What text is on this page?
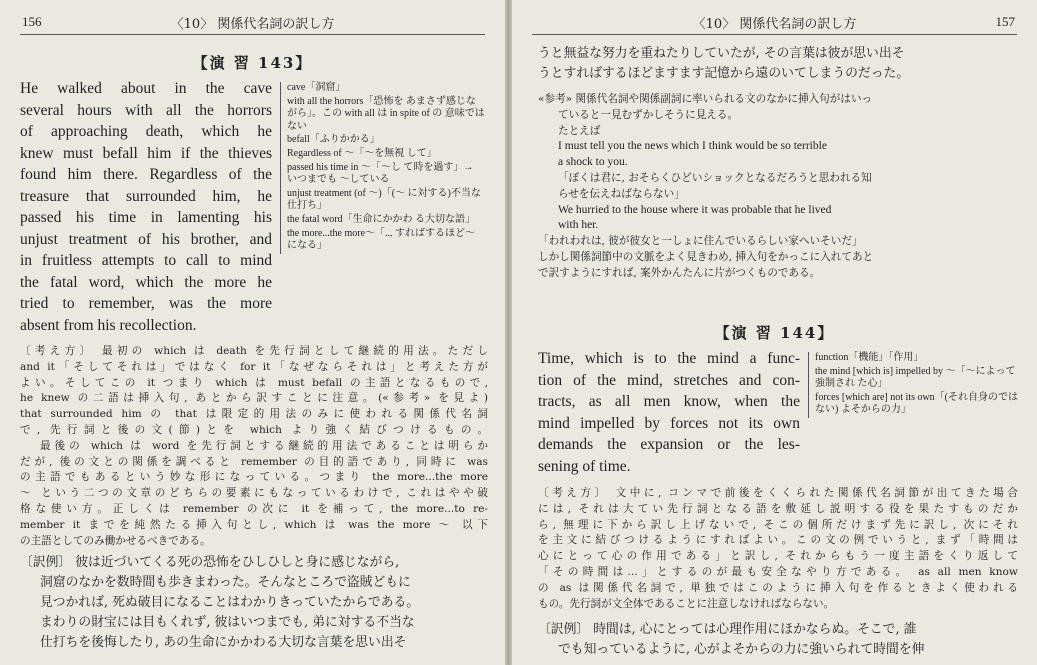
156	〈10〉 関係代名詞の訳し方
【演 習 143】
He walked about in the cave
several hours with all the horrors
of approaching death, which he
knew must befall him if the thieves
found him there. Regardless of the
treasure that surrounded him, he
passed his time in lamenting his
unjust treatment of his brother, and
in fruitless attempts to call to mind
the fatal word, which the more he
tried to remember, was the more
absent from his recollection.

cave「洞窟」

with all the horrors「恐怖を あまさず感じながら」。この with all は in spite of の 意味ではない

befall「ふりかかる」

Regardless of ～「～を無視 して」

passed his time in ～「～し て時を過す」→ いつまでも ～している

unjust treatment (of ～)「(～ に対する)不当な仕打ち」

the fatal word「生命にかかわ る大切な語」

the more...the more～「... すればするほど～になる」

〔考え方〕 最初の which は death を先行詞として継続的用法。ただし
and it「そしてそれは」ではなく for it「なぜならそれは」と考えた方が
よい。そしてこの it つまり which は must befall の主語となるもので,
he knew の二語は挿入句, あとから訳すことに注意。(«参考» を見よ)
that surrounded him の that は限定的用法のみに使われる関係代名詞
で, 先行詞と後の文(節)とを which より強く結びつけるもの。
最後の which は word を先行詞とする継続的用法であることは明らか
だが, 後の文との関係を調べると remember の目的語であり, 同時に was
の主語でもあるという妙な形になっている。つまり the more...the more
～ という二つの文章のどちらの要素にもなっているわけで, これはやや破
格な使い方。正しくは remember の次に it を補って, the more...to re-
member it までを純然たる挿入句とし, which は was the more ～ 以下
の主語としてのみ働かせるべきである。
〔訳例〕 彼は近づいてくる死の恐怖をひしひしと身に感じながら,
洞窟のなかを数時間も歩きまわった。そんなところで盗賊どもに
見つかれば, 死ぬ破目になることはわかりきっていたからである。
まわりの財宝には目もくれず, 彼はいつまでも, 弟に対する不当な
仕打ちを後悔したり, あの生命にかかわる大切な言葉を思い出そ
〈10〉 関係代名詞の訳し方	157
うと無益な努力を重ねたりしていたが, その言葉は彼が思い出そ
うとすればするほどますます記憶から遠のいてしまうのだった。
«参考» 関係代名詞や関係副詞に率いられる文のなかに挿入句がはいっ
ていると一見むずかしそうに見える。
たとえば
I must tell you the news which I think would be so terrible
a shock to you.
「ぼくは君に, おそらくひどいショックとなるだろうと思われる知
らせを伝えねばならない」
We hurried to the house where it was probable that he lived
with her.
「われわれは, 彼が彼女と一しょに住んでいるらしい家へいそいだ」
しかし関係詞節中の文脈をよく見きわめ, 挿入句をかっこに入れてあと
で訳すようにすれば, 案外かんたんに片がつくものである。
【演 習 144】
Time, which is to the mind a func-
tion of the mind, stretches and con-
tracts, as all men know, when the
mind impelled by forces not its own
demands the expansion or the les-
sening of time.

function「機能」「作用」

the mind [which is] impelled by ～「～によって強制され た心」

forces [which are] not its own「(それ自身のではない) よそからの力」

〔考え方〕 文中に, コンマで前後をくくられた関係代名詞節が出てきた場合
には, それは大てい先行詞となる語を敷延し説明する役を果たすものだか
ら, 無理に下から訳し上げないで, そこの個所だけまず先に訳し, 次にそれ
を主文に結びつけるようにすればよい。この文の例でいうと, まず「時間は
心にとって心の作用である」と訳し, それからもう一度主語をくり返して
「その時間は...」とするのが最も安全なやり方である。 as all men know
の as は関係代名詞で, 単独ではこのように挿入句を作るときよく使われる
もの。先行詞が文全体であることに注意しなければならない。
〔訳例〕 時間は, 心にとっては心理作用にほかならぬ。そこで, 誰
でも知っているように, 心がよそからの力に強いられて時間を伸
